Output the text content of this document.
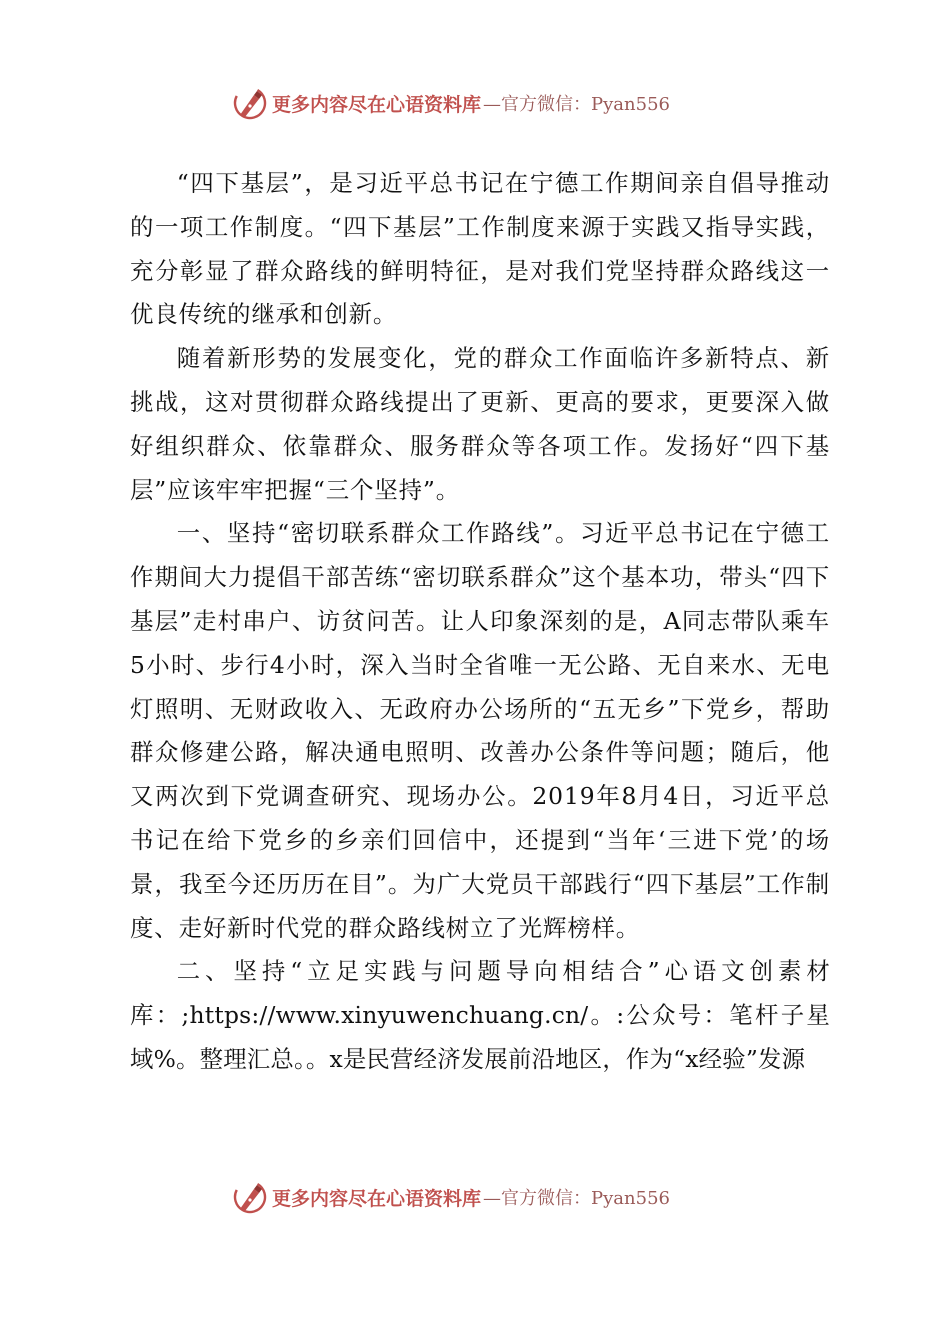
更多内容尽在心语资料库 —官方微信：Pyan556

“四下基层”，是习近平总书记在宁德工作期间亲自倡导推动的一项工作制度。“四下基层”工作制度来源于实践又指导实践，充分彰显了群众路线的鲜明特征，是对我们党坚持群众路线这一优良传统的继承和创新。

随着新形势的发展变化，党的群众工作面临许多新特点、新挑战，这对贯彻群众路线提出了更新、更高的要求，更要深入做好组织群众、依靠群众、服务群众等各项工作。发扬好“四下基层”应该牢牢把握“三个坚持”。

一、坚持“密切联系群众工作路线”。习近平总书记在宁德工作期间大力提倡干部苦练“密切联系群众”这个基本功，带头“四下基层”走村串户、访贫问苦。让人印象深刻的是，A同志带队乘车5小时、步行4小时，深入当时全省唯一无公路、无自来水、无电灯照明、无财政收入、无政府办公场所的“五无乡”下党乡，帮助群众修建公路，解决通电照明、改善办公条件等问题；随后，他又两次到下党调查研究、现场办公。2019年8月4日，习近平总书记在给下党乡的乡亲们回信中，还提到“当年‘三进下党’的场景，我至今还历历在目”。为广大党员干部践行“四下基层”工作制度、走好新时代党的群众路线树立了光辉榜样。

二、坚持“立足实践与问题导向相结合”心语文创素材库：;https://www.xinyuwenchuang.cn/。:公众号：笔杆子星域%。整理汇总。。x是民营经济发展前沿地区，作为“x经验”发源

更多内容尽在心语资料库 —官方微信：Pyan556
